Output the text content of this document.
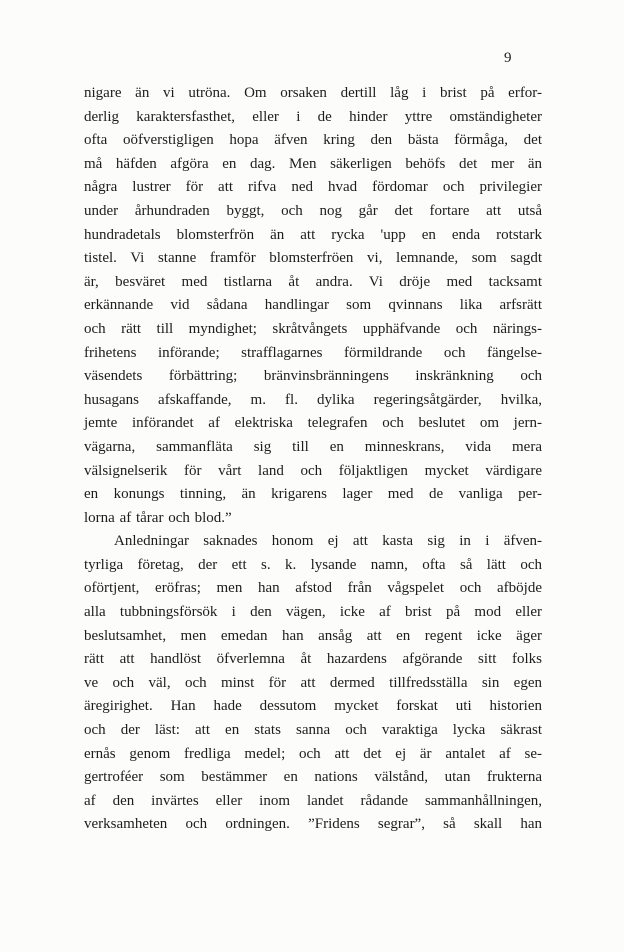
9
nigare än vi utröna. Om orsaken dertill låg i brist på erfor-
derlig karaktersfasthet, eller i de hinder yttre omständigheter
ofta oöfverstigligen hopa äfven kring den bästa förmåga, det
må häfden afgöra en dag. Men säkerligen behöfs det mer än
några lustrer för att rifva ned hvad fördomar och privilegier
under århundraden byggt, och nog går det fortare att utså
hundradetals blomsterfrön än att rycka 'upp en enda rotstark
tistel. Vi stanne framför blomsterfröen vi, lemnande, som sagdt
är, besväret med tistlarna åt andra. Vi dröje med tacksamt
erkännande vid sådana handlingar som qvinnans lika arfsrätt
och rätt till myndighet; skråtvångets upphäfvande och närings-
frihetens införande; strafflagarnes förmildrande och fängelse-
väsendets förbättring; bränvinsbränningens inskränkning och
husagans afskaffande, m. fl. dylika regeringsåtgärder, hvilka,
jemte införandet af elektriska telegrafen och beslutet om jern-
vägarna, sammanfläta sig till en minneskrans, vida mera
välsignelserik för vårt land och följaktligen mycket värdigare
en konungs tinning, än krigarens lager med de vanliga per-
lorna af tårar och blod.”
Anledningar saknades honom ej att kasta sig in i äfven-
tyrliga företag, der ett s. k. lysande namn, ofta så lätt och
oförtjent, eröfras; men han afstod från vågspelet och afböjde
alla tubbningsförsök i den vägen, icke af brist på mod eller
beslutsamhet, men emedan han ansåg att en regent icke äger
rätt att handlöst öfverlemna åt hazardens afgörande sitt folks
ve och väl, och minst för att dermed tillfredsställa sin egen
äregirighet. Han hade dessutom mycket forskat uti historien
och der läst: att en stats sanna och varaktiga lycka säkrast
ernås genom fredliga medel; och att det ej är antalet af se-
gertroféer som bestämmer en nations välstånd, utan frukterna
af den invärtes eller inom landet rådande sammanhållningen,
verksamheten och ordningen. ”Fridens segrar”, så skall han
